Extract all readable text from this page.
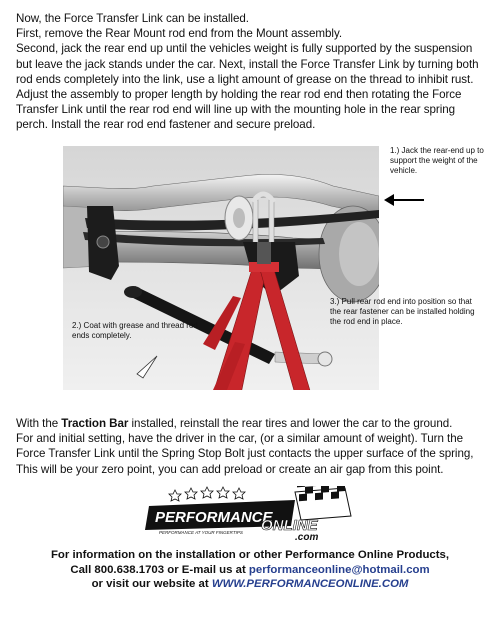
Now, the Force Transfer Link can be installed.

First, remove the Rear Mount rod end from the Mount assembly.

Second, jack the rear end up until the vehicles weight is fully supported by the suspension but leave the jack stands under the car. Next, install the Force Transfer Link by turning both rod ends completely into the link, use a light amount of grease on the thread to inhibit rust. Adjust the assembly to proper length by holding the rear rod end then rotating the Force Transfer Link until the rear rod end will line up with the mounting hole in the rear spring perch. Install the rear rod end fastener and secure preload.

1.) Jack the rear-end up to support the weight of the vehicle.
2.) Coat with grease and thread rod ends completely.
3.) Pull rear rod end into position so that the rear fastener can be installed holding the rod end in place.

With the Traction Bar installed, reinstall the rear tires and lower the car to the ground.

For and initial setting, have the driver in the car, (or a similar amount of weight). Turn the Force Transfer Link until the Spring Stop Bolt just contacts the upper surface of the spring, This will be your zero point, you can add preload or create an air gap from this point.

PERFORMANCE
ONLINE
.com
PERFORMANCE AT YOUR FINGERTIPS
For information on the installation or other Performance Online Products,
Call 800.638.1703 or E-mail us at performanceonline@hotmail.com
or visit our website at WWW.PERFORMANCEONLINE.COM
